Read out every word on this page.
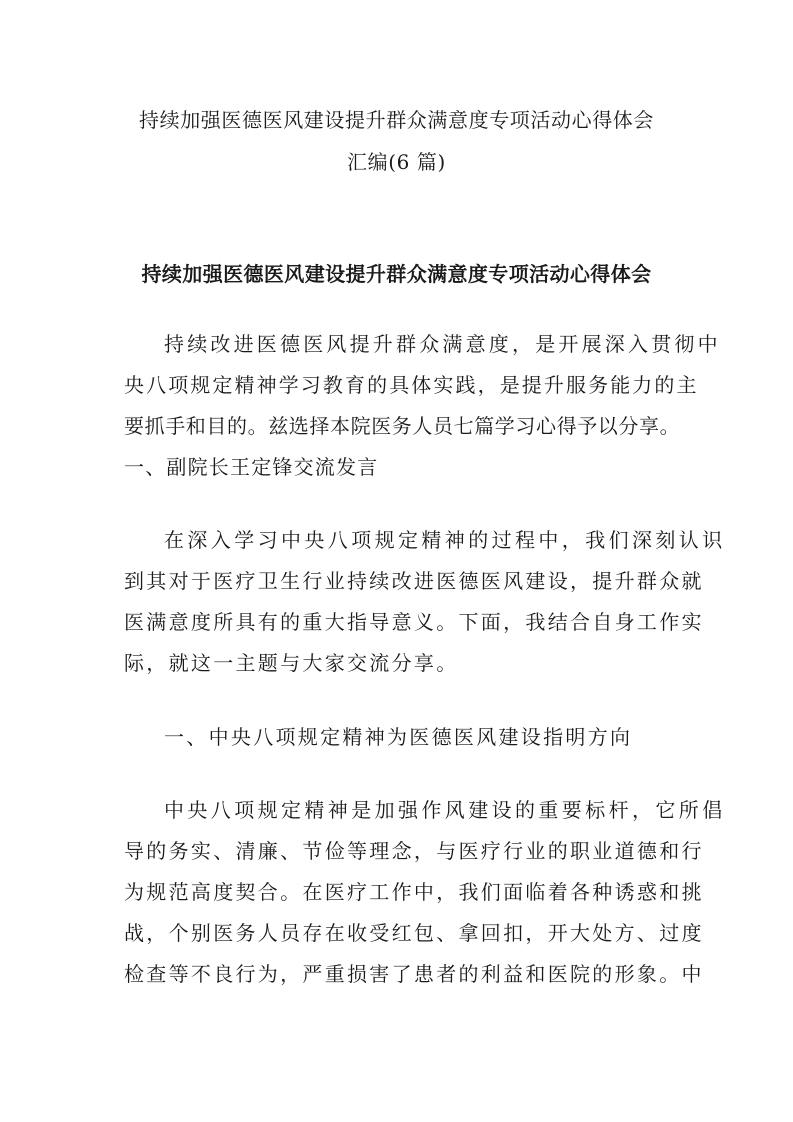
持续加强医德医风建设提升群众满意度专项活动心得体会
汇编(6 篇)
持续加强医德医风建设提升群众满意度专项活动心得体会
持续改进医德医风提升群众满意度，是开展深入贯彻中
央八项规定精神学习教育的具体实践，是提升服务能力的主
要抓手和目的。兹选择本院医务人员七篇学习心得予以分享。
一、副院长王定锋交流发言
在深入学习中央八项规定精神的过程中，我们深刻认识
到其对于医疗卫生行业持续改进医德医风建设，提升群众就
医满意度所具有的重大指导意义。下面，我结合自身工作实
际，就这一主题与大家交流分享。
一、中央八项规定精神为医德医风建设指明方向
中央八项规定精神是加强作风建设的重要标杆，它所倡
导的务实、清廉、节俭等理念，与医疗行业的职业道德和行
为规范高度契合。在医疗工作中，我们面临着各种诱惑和挑
战，个别医务人员存在收受红包、拿回扣，开大处方、过度
检查等不良行为，严重损害了患者的利益和医院的形象。中
